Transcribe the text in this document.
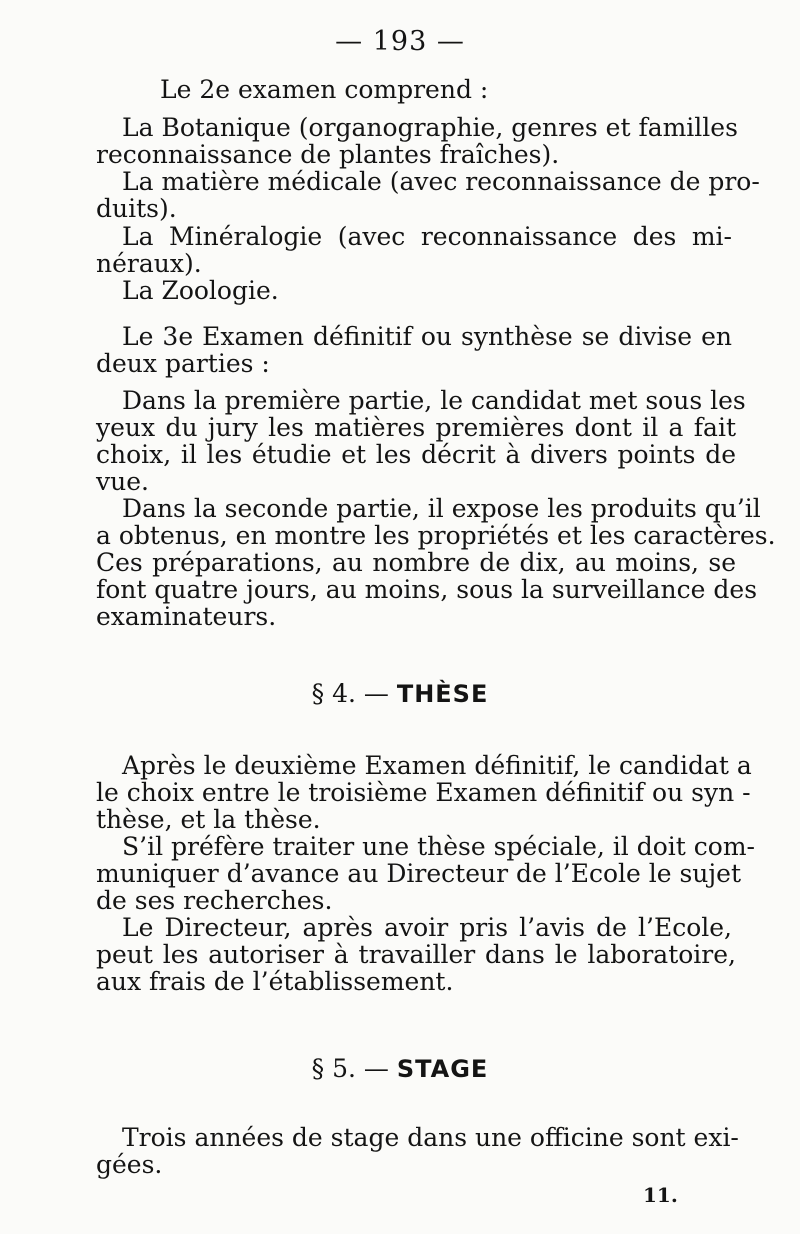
— 193 —
Le 2e examen comprend :
La Botanique (organographie, genres et familles
reconnaissance de plantes fraîches).
La matière médicale (avec reconnaissance de pro-
duits).
La Minéralogie (avec reconnaissance des mi-
néraux).
La Zoologie.
Le 3e Examen définitif ou synthèse se divise en
deux parties :
Dans la première partie, le candidat met sous les
yeux du jury les matières premières dont il a fait
choix, il les étudie et les décrit à divers points de
vue.
Dans la seconde partie, il expose les produits qu’il
a obtenus, en montre les propriétés et les caractères.
Ces préparations, au nombre de dix, au moins, se
font quatre jours, au moins, sous la surveillance des
examinateurs.
§ 4. — THÈSE
Après le deuxième Examen définitif, le candidat a
le choix entre le troisième Examen définitif ou syn -
thèse, et la thèse.
S’il préfère traiter une thèse spéciale, il doit com-
muniquer d’avance au Directeur de l’Ecole le sujet
de ses recherches.
Le Directeur, après avoir pris l’avis de l’Ecole,
peut les autoriser à travailler dans le laboratoire,
aux frais de l’établissement.
§ 5. — STAGE
Trois années de stage dans une officine sont exi-
gées.
11.
